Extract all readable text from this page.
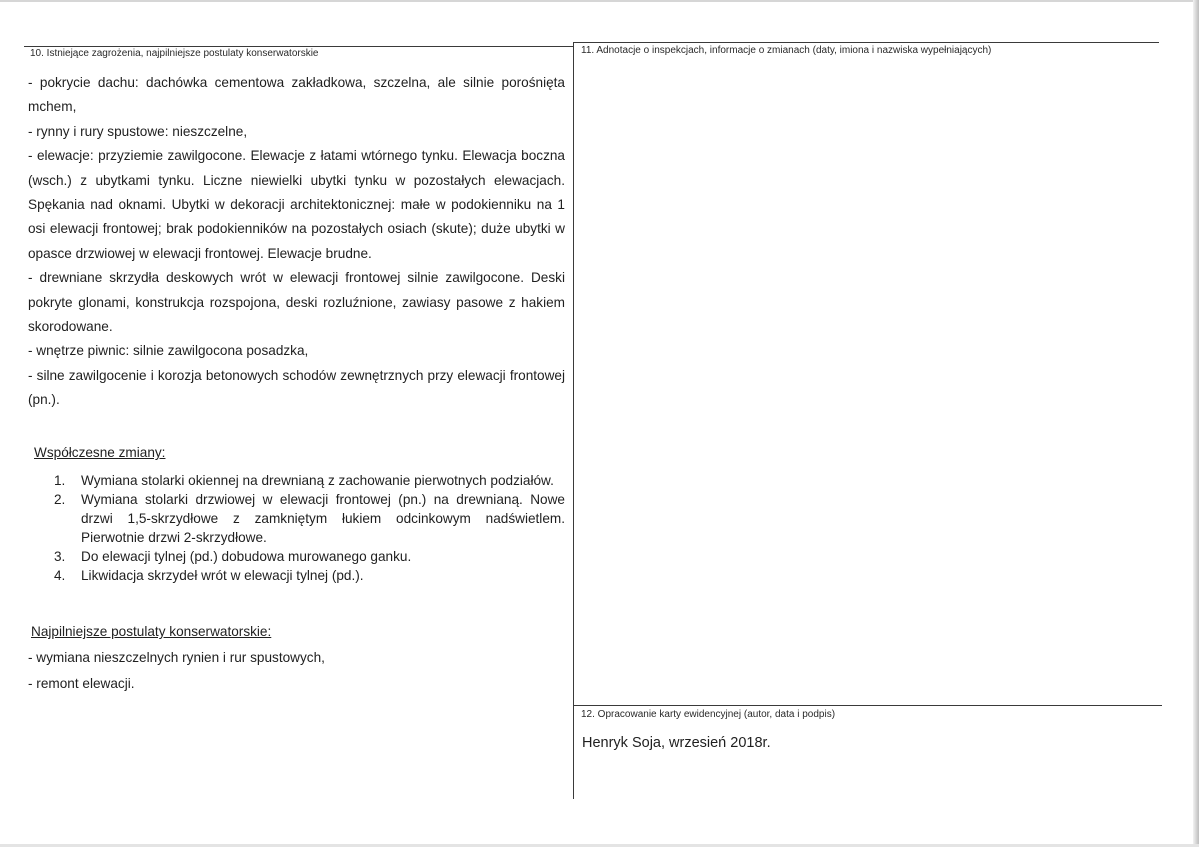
10. Istniejące zagrożenia, najpilniejsze postulaty konserwatorskie

- pokrycie dachu: dachówka cementowa zakładkowa, szczelna, ale silnie porośnięta mchem,

- rynny i rury spustowe: nieszczelne,

- elewacje: przyziemie zawilgocone. Elewacje z łatami wtórnego tynku. Elewacja boczna (wsch.) z ubytkami tynku. Liczne niewielki ubytki tynku w pozostałych elewacjach. Spękania nad oknami. Ubytki w dekoracji architektonicznej: małe w podokienniku na 1 osi elewacji frontowej; brak podokienników na pozostałych osiach (skute); duże ubytki w opasce drzwiowej w elewacji frontowej. Elewacje brudne.

- drewniane skrzydła deskowych wrót w elewacji frontowej silnie zawilgocone. Deski pokryte glonami, konstrukcja rozspojona, deski rozluźnione, zawiasy pasowe z hakiem skorodowane.

- wnętrze piwnic: silnie zawilgocona posadzka,

- silne zawilgocenie i korozja betonowych schodów zewnętrznych przy elewacji frontowej (pn.).

Współczesne zmiany:
1. Wymiana stolarki okiennej na drewnianą z zachowanie pierwotnych podziałów.
2. Wymiana stolarki drzwiowej w elewacji frontowej (pn.) na drewnianą. Nowe drzwi 1,5-skrzydłowe z zamkniętym łukiem odcinkowym nadświetlem. Pierwotnie drzwi 2-skrzydłowe.
3. Do elewacji tylnej (pd.) dobudowa murowanego ganku.
4. Likwidacja skrzydeł wrót w elewacji tylnej (pd.).
Najpilniejsze postulaty konserwatorskie:

- wymiana nieszczelnych rynien i rur spustowych,

- remont elewacji.

11. Adnotacje o inspekcjach, informacje o zmianach (daty, imiona i nazwiska wypełniających)
12. Opracowanie karty ewidencyjnej (autor, data i podpis)
Henryk Soja, wrzesień 2018r.
